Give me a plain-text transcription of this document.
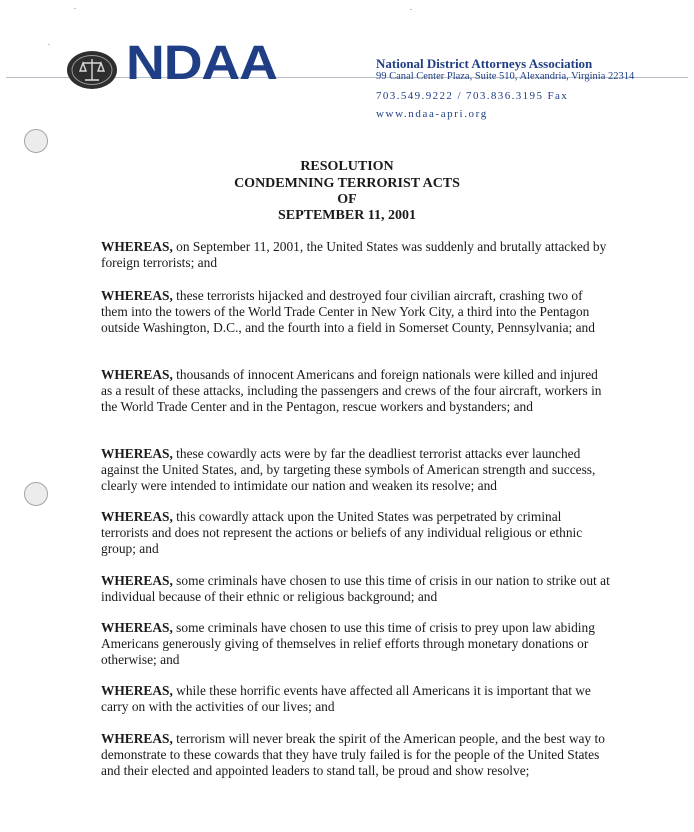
NDAA	National District Attorneys Association
99 Canal Center Plaza, Suite 510, Alexandria, Virginia 22314
703.549.9222 / 703.836.3195 Fax
www.ndaa-apri.org
RESOLUTION
CONDEMNING TERRORIST ACTS
OF
SEPTEMBER 11, 2001
WHEREAS, on September 11, 2001, the United States was suddenly and brutally attacked by foreign terrorists; and
WHEREAS, these terrorists hijacked and destroyed four civilian aircraft, crashing two of them into the towers of the World Trade Center in New York City, a third into the Pentagon outside Washington, D.C., and the fourth into a field in Somerset County, Pennsylvania; and
WHEREAS, thousands of innocent Americans and foreign nationals were killed and injured as a result of these attacks, including the passengers and crews of the four aircraft, workers in the World Trade Center and in the Pentagon, rescue workers and bystanders; and
WHEREAS, these cowardly acts were by far the deadliest terrorist attacks ever launched against the United States, and, by targeting these symbols of American strength and success, clearly were intended to intimidate our nation and weaken its resolve; and
WHEREAS, this cowardly attack upon the United States was perpetrated by criminal terrorists and does not represent the actions or beliefs of any individual religious or ethnic group; and
WHEREAS, some criminals have chosen to use this time of crisis in our nation to strike out at individual because of their ethnic or religious background; and
WHEREAS, some criminals have chosen to use this time of crisis to prey upon law abiding Americans generously giving of themselves in relief efforts through monetary donations or otherwise; and
WHEREAS, while these horrific events have affected all Americans it is important that we carry on with the activities of our lives; and
WHEREAS, terrorism will never break the spirit of the American people, and the best way to demonstrate to these cowards that they have truly failed is for the people of the United States and their elected and appointed leaders to stand tall, be proud and show resolve;
